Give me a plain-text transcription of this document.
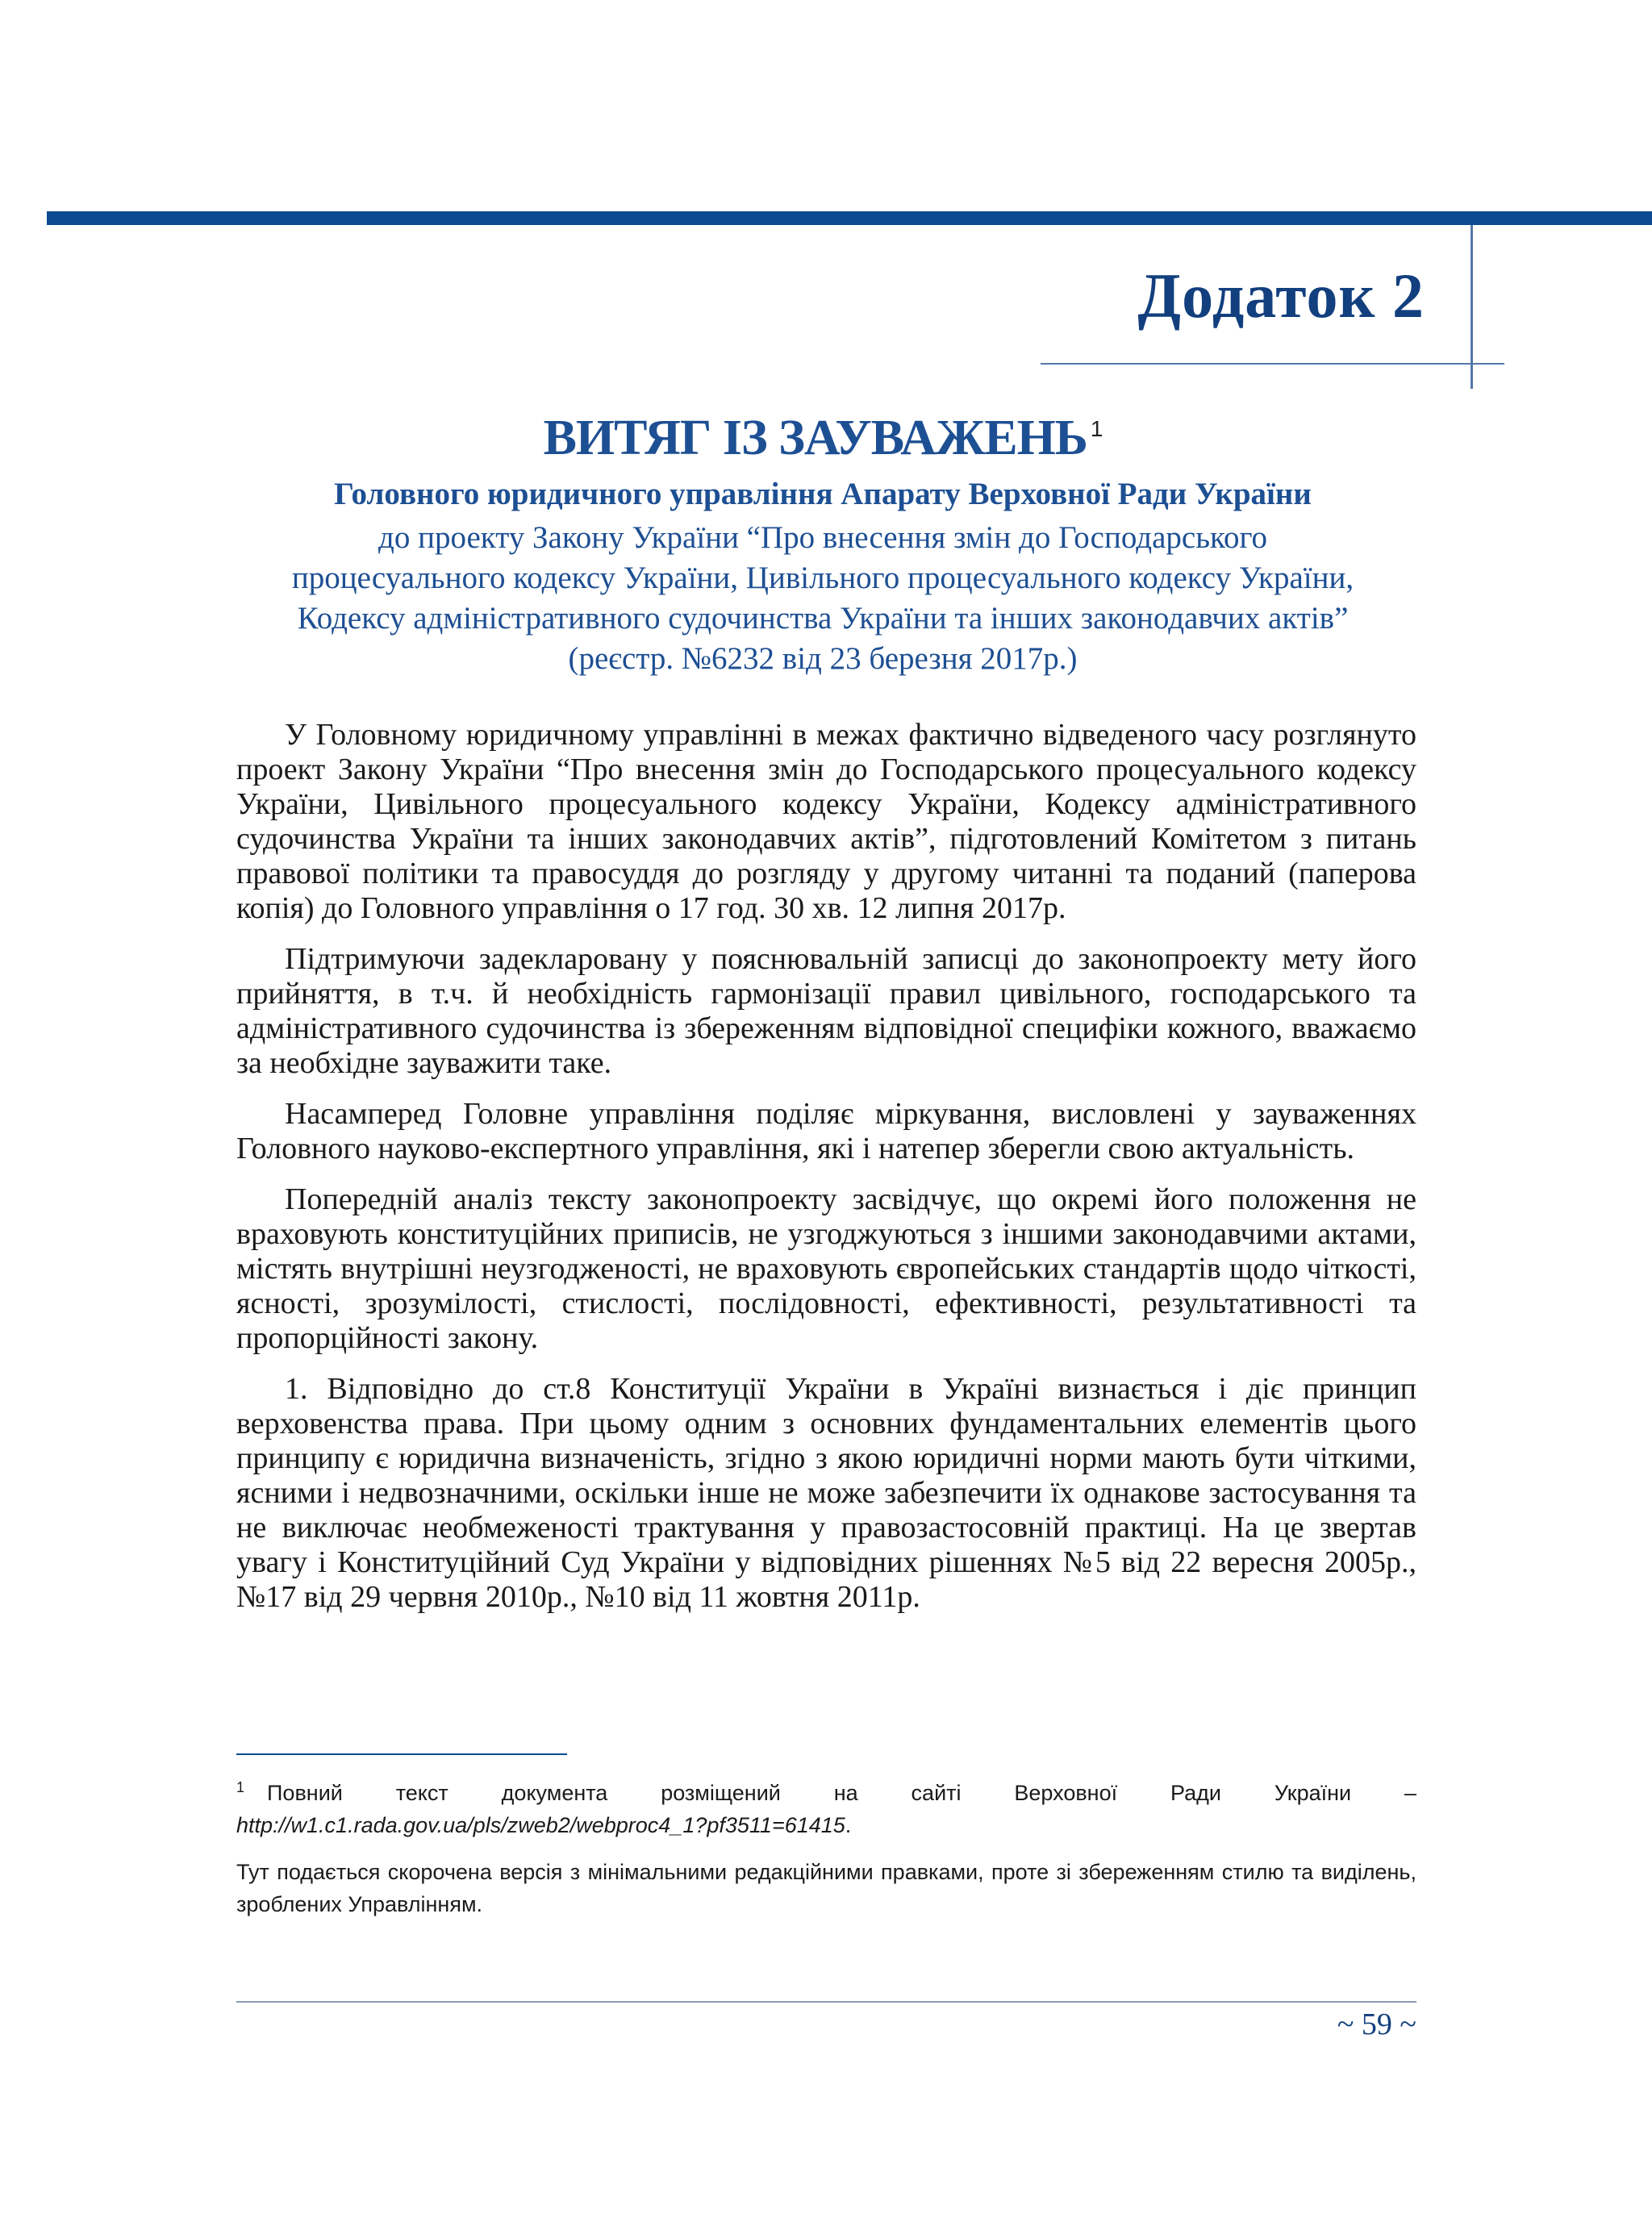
Додаток 2
ВИТЯГ ІЗ ЗАУВАЖЕНЬ $^1$
Головного юридичного управління Апарату Верховної Ради України
до проекту Закону України “Про внесення змін до Господарського
процесуального кодексу України, Цивільного процесуального кодексу України,
Кодексу адміністративного судочинства України та інших законодавчих актів”
(реєстр. №6232 від 23 березня 2017р.)

У Головному юридичному управлінні в межах фактично відведеного часу розглянуто проект Закону України “Про внесення змін до Господарського процесуального кодексу України, Цивільного процесуального кодексу України, Кодексу адміністративного судочинства України та інших законодавчих актів”, підготовлений Комітетом з питань правової політики та правосуддя до розгляду у другому читанні та поданий (паперова копія) до Головного управління о 17 год. 30 хв. 12 липня 2017р.

Підтримуючи задекларовану у пояснювальній записці до законопроекту мету його прийняття, в т.ч. й необхідність гармонізації правил цивільного, господарського та адміністративного судочинства із збереженням відповідної специфіки кожного, вважаємо за необхідне зауважити таке.

Насамперед Головне управління поділяє міркування, висловлені у зауваженнях Головного науково-експертного управління, які і натепер зберегли свою актуальність.

Попередній аналіз тексту законопроекту засвідчує, що окремі його положення не враховують конституційних приписів, не узгоджуються з іншими законодавчими актами, містять внутрішні неузгодженості, не враховують європейських стандартів щодо чіткості, ясності, зрозумілості, стислості, послідовності, ефективності, результативності та пропорційності закону.

1. Відповідно до ст.8 Конституції України в Україні визнається і діє принцип верховенства права. При цьому одним з основних фундаментальних елементів цього принципу є юридична визначеність, згідно з якою юридичні норми мають бути чіткими, ясними і недвозначними, оскільки інше не може забезпечити їх однакове застосування та не виключає необмеженості трактування у правозастосовній практиці. На це звертав увагу і Конституційний Суд України у відповідних рішеннях №5 від 22 вересня 2005р., №17 від 29 червня 2010р., №10 від 11 жовтня 2011р.

$^1$ Повний текст документа розміщений на сайті Верховної Ради України – http://w1.c1.rada.gov.ua/pls/zweb2/webproc4_1?pf3511=61415.

Тут подається скорочена версія з мінімальними редакційними правками, проте зі збереженням стилю та виділень, зроблених Управлінням.

~ 59 ~
